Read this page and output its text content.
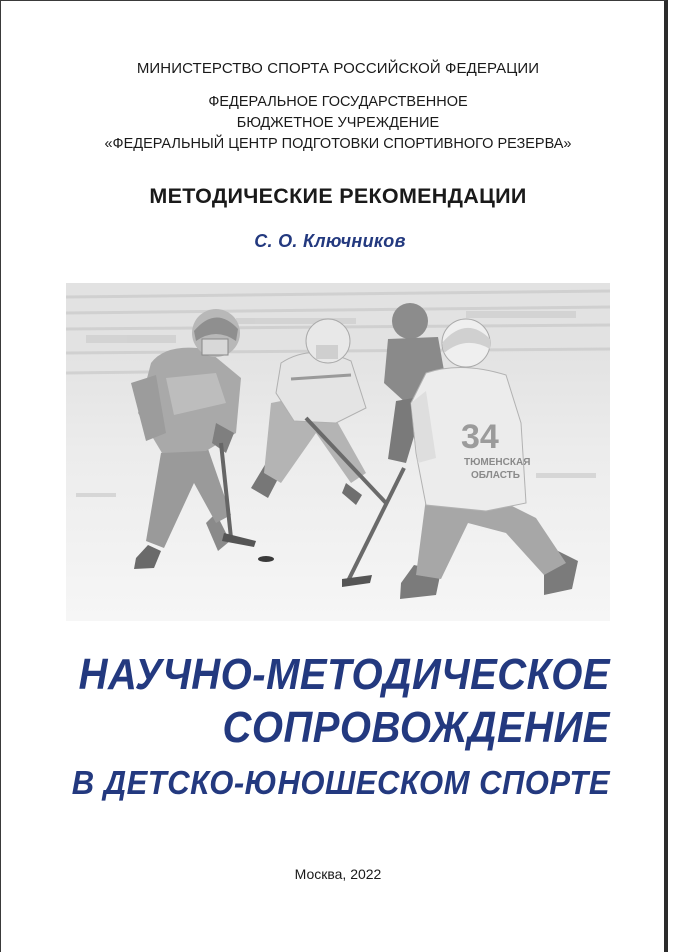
МИНИСТЕРСТВО СПОРТА РОССИЙСКОЙ ФЕДЕРАЦИИ
ФЕДЕРАЛЬНОЕ ГОСУДАРСТВЕННОЕ
БЮДЖЕТНОЕ УЧРЕЖДЕНИЕ
«ФЕДЕРАЛЬНЫЙ ЦЕНТР ПОДГОТОВКИ СПОРТИВНОГО РЕЗЕРВА»
МЕТОДИЧЕСКИЕ РЕКОМЕНДАЦИИ
С. О. Ключников
34
ТЮМЕНСКАЯ
ОБЛАСТЬ
НАУЧНО-МЕТОДИЧЕСКОЕ
СОПРОВОЖДЕНИЕ
В ДЕТСКО-ЮНОШЕСКОМ СПОРТЕ
Москва, 2022
